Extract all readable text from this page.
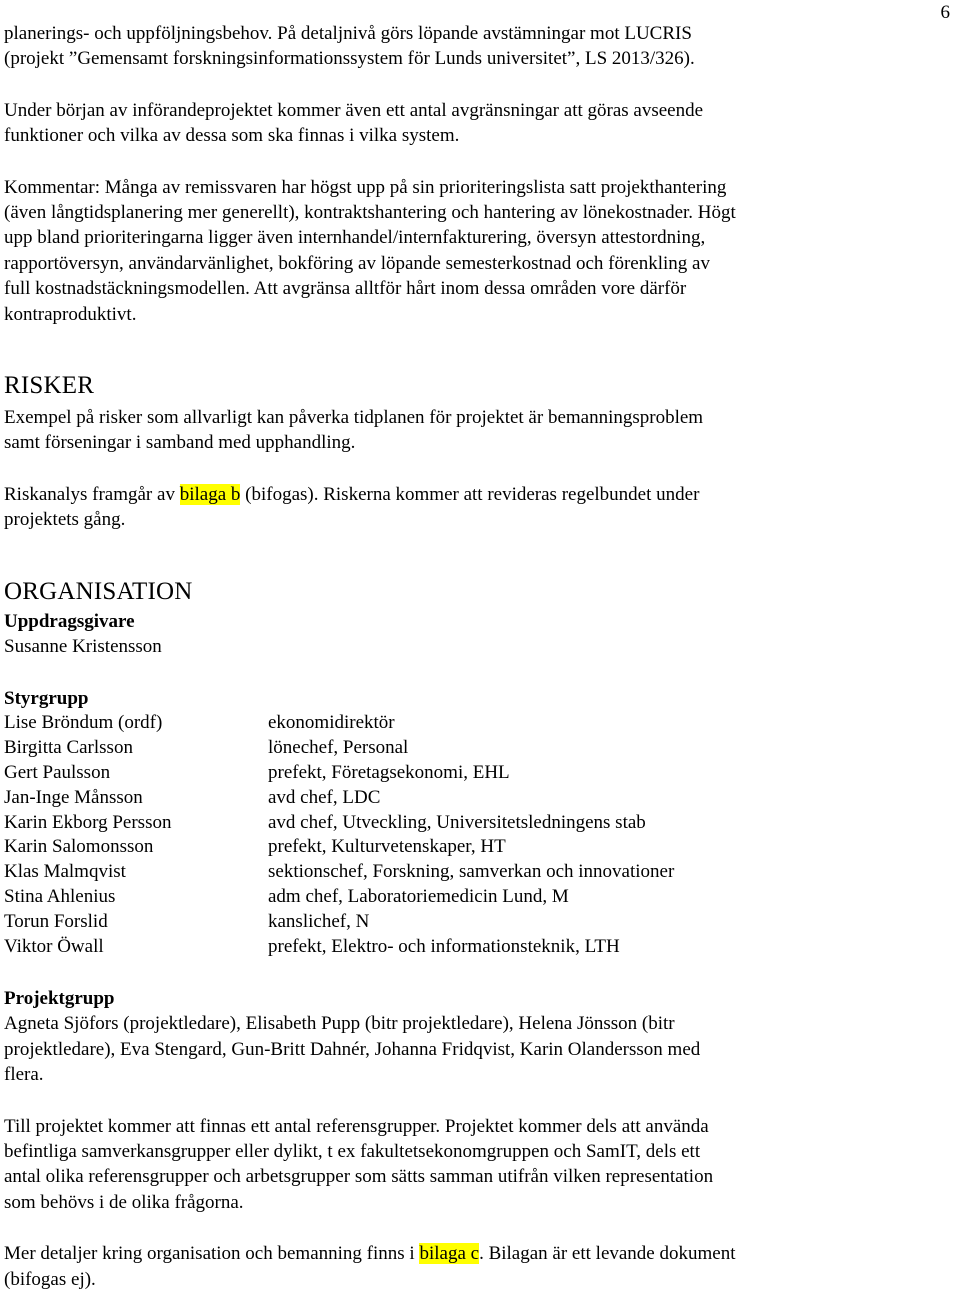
6

planerings- och uppföljningsbehov. På detaljnivå görs löpande avstämningar mot LUCRIS
(projekt ”Gemensamt forskningsinformationssystem för Lunds universitet”, LS 2013/326).

Under början av införandeprojektet kommer även ett antal avgränsningar att göras avseende
funktioner och vilka av dessa som ska finnas i vilka system.

Kommentar: Många av remissvaren har högst upp på sin prioriteringslista satt projekthantering
(även långtidsplanering mer generellt), kontraktshantering och hantering av lönekostnader. Högt
upp bland prioriteringarna ligger även internhandel/internfakturering, översyn attestordning,
rapportöversyn, användarvänlighet, bokföring av löpande semesterkostnad och förenkling av
full kostnadstäckningsmodellen. Att avgränsa alltför hårt inom dessa områden vore därför
kontraproduktivt.

RISKER

Exempel på risker som allvarligt kan påverka tidplanen för projektet är bemanningsproblem
samt förseningar i samband med upphandling.

Riskanalys framgår av bilaga b (bifogas). Riskerna kommer att revideras regelbundet under
projektets gång.

ORGANISATION

Uppdragsgivare

Susanne Kristensson

Styrgrupp

Lise Bröndum (ordf)	ekonomidirektör
Birgitta Carlsson	lönechef, Personal
Gert Paulsson	prefekt, Företagsekonomi, EHL
Jan-Inge Månsson	avd chef, LDC
Karin Ekborg Persson	avd chef, Utveckling, Universitetsledningens stab
Karin Salomonsson	prefekt, Kulturvetenskaper, HT
Klas Malmqvist	sektionschef, Forskning, samverkan och innovationer
Stina Ahlenius	adm chef, Laboratoriemedicin Lund, M
Torun Forslid	kanslichef, N
Viktor Öwall	prefekt, Elektro- och informationsteknik, LTH

Projektgrupp

Agneta Sjöfors (projektledare), Elisabeth Pupp (bitr projektledare), Helena Jönsson (bitr
projektledare), Eva Stengard, Gun-Britt Dahnér, Johanna Fridqvist, Karin Olandersson med
flera.

Till projektet kommer att finnas ett antal referensgrupper. Projektet kommer dels att använda
befintliga samverkansgrupper eller dylikt, t ex fakultetsekonomgruppen och SamIT, dels ett
antal olika referensgrupper och arbetsgrupper som sätts samman utifrån vilken representation
som behövs i de olika frågorna.

Mer detaljer kring organisation och bemanning finns i bilaga c. Bilagan är ett levande dokument
(bifogas ej).
